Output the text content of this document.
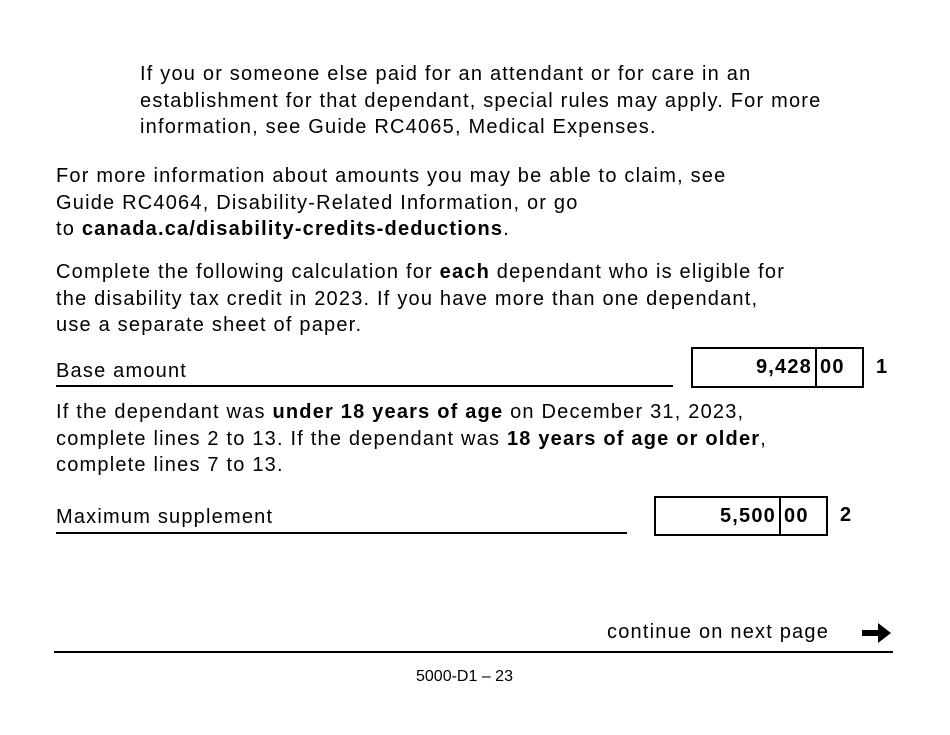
If you or someone else paid for an attendant or for care in an
establishment for that dependant, special rules may apply. For more
information, see Guide RC4065, Medical Expenses.
For more information about amounts you may be able to claim, see
Guide RC4064, Disability-Related Information, or go
to canada.ca/disability-credits-deductions.
Complete the following calculation for each dependant who is eligible for
the disability tax credit in 2023. If you have more than one dependant,
use a separate sheet of paper.
Base amount	9,428 00	1
If the dependant was under 18 years of age on December 31, 2023,
complete lines 2 to 13. If the dependant was 18 years of age or older,
complete lines 7 to 13.
Maximum supplement	5,500 00	2
continue on next page
5000-D1 – 23
